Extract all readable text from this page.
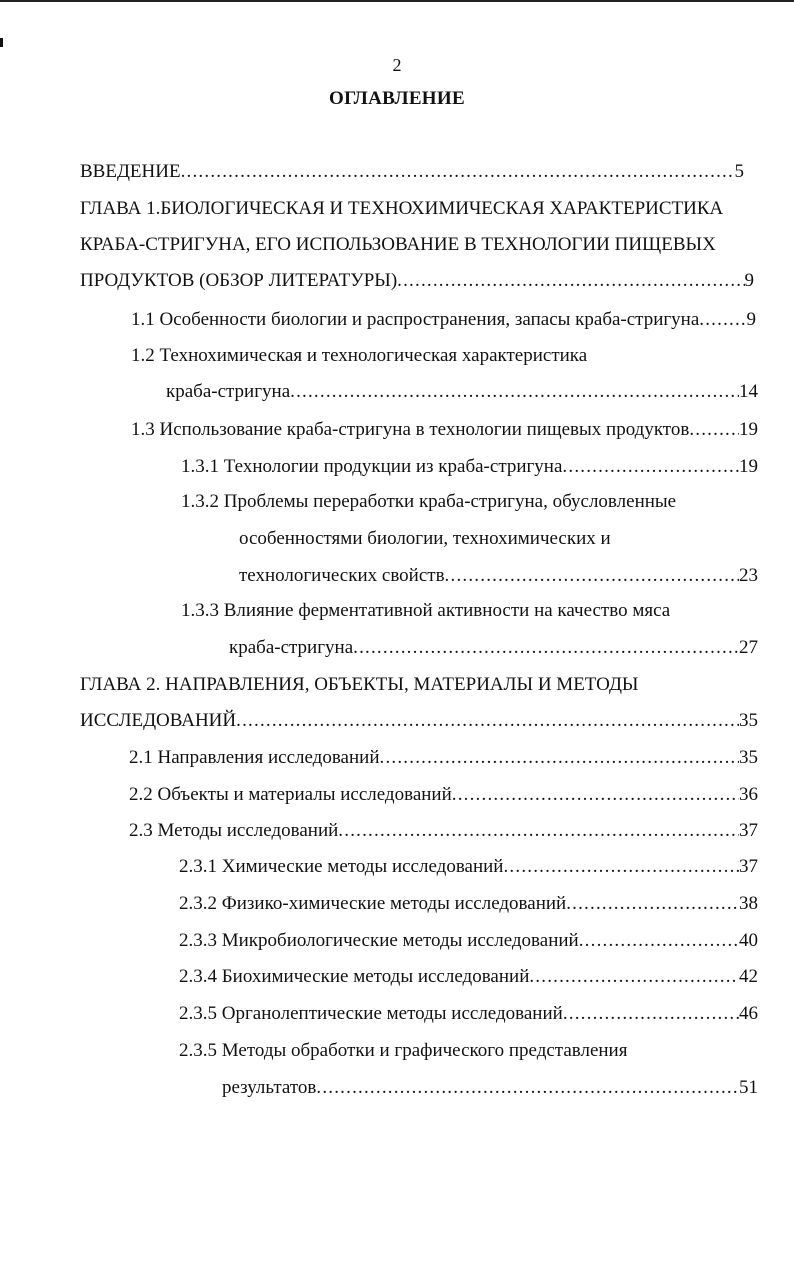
2
ОГЛАВЛЕНИЕ
ВВЕДЕНИЕ .....	5
ГЛАВА 1.БИОЛОГИЧЕСКАЯ И ТЕХНОХИМИЧЕСКАЯ ХАРАКТЕРИСТИКА
КРАБА-СТРИГУНА, ЕГО ИСПОЛЬЗОВАНИЕ В ТЕХНОЛОГИИ ПИЩЕВЫХ
ПРОДУКТОВ (ОБЗОР ЛИТЕРАТУРЫ) .....	9
1.1 Особенности биологии и распространения, запасы краба-стригуна ..... 9
1.2 Технохимическая и технологическая характеристика
краба-стригуна .....	14
1.3 Использование краба-стригуна в технологии пищевых продуктов .....	19
1.3.1 Технологии продукции из краба-стригуна .....	19
1.3.2 Проблемы переработки краба-стригуна, обусловленные
особенностями биологии, технохимических и
технологических свойств .....	23
1.3.3 Влияние ферментативной активности на качество мяса
краба-стригуна .....	27
ГЛАВА 2. НАПРАВЛЕНИЯ, ОБЪЕКТЫ, МАТЕРИАЛЫ И МЕТОДЫ
ИССЛЕДОВАНИЙ .....	35
2.1 Направления исследований .....	35
2.2 Объекты и материалы исследований .....	36
2.3 Методы исследований .....	37
2.3.1 Химические методы исследований .....	37
2.3.2 Физико-химические методы исследований .....	38
2.3.3 Микробиологические методы исследований .....	40
2.3.4 Биохимические методы исследований .....	42
2.3.5 Органолептические методы исследований .....	46
2.3.5 Методы обработки и графического представления
результатов .....	51
